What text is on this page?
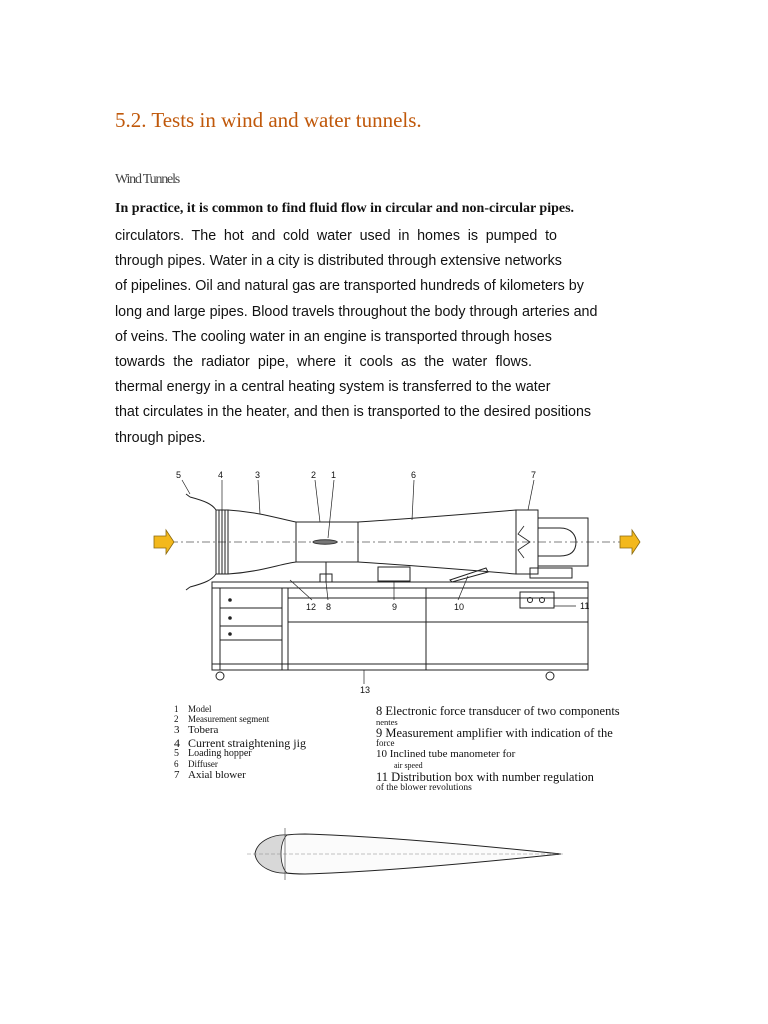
5.2. Tests in wind and water tunnels.
Wind Tunnels
In practice, it is common to find fluid flow in circular and non-circular pipes.
circulators. The hot and cold water used in homes is pumped to
through pipes. Water in a city is distributed through extensive networks
of pipelines. Oil and natural gas are transported hundreds of kilometers by
long and large pipes. Blood travels throughout the body through arteries and
of veins. The cooling water in an engine is transported through hoses
towards the radiator pipe, where it cools as the water flows.
thermal energy in a central heating system is transferred to the water
that circulates in the heater, and then is transported to the desired positions
through pipes.
5	4	3	2 1	6	7
12 8	9	10	11
13
1 Model
2 Measurement segment
3 Tobera
4 Current straightening jig
5 Loading hopper
6 Diffuser
7 Axial blower
8 Electronic force transducer of two components
nentes
9 Measurement amplifier with indication of the
force
10 Inclined tube manometer for
air speed
11 Distribution box with number regulation
of the blower revolutions
